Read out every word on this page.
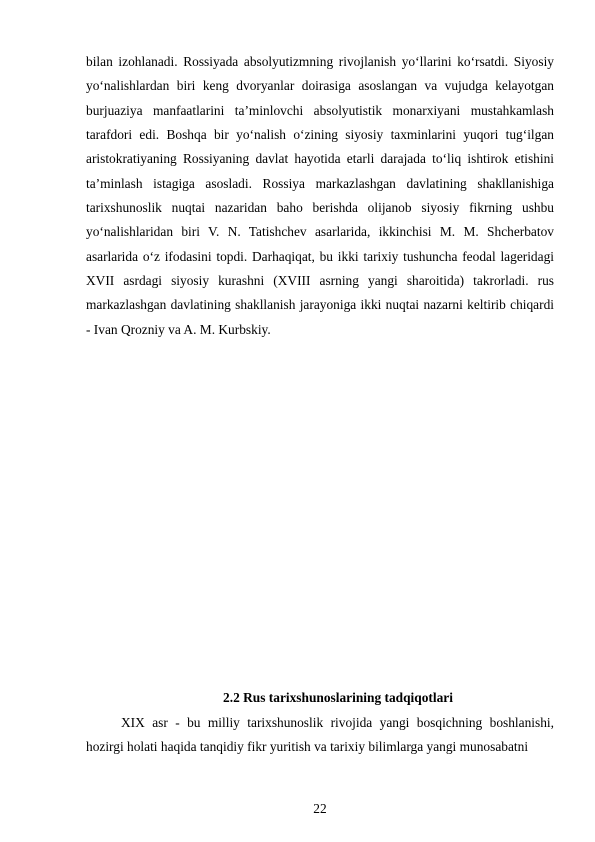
bilan izohlanadi. Rossiyada absolyutizmning rivojlanish yo‘llarini ko‘rsatdi. Siyosiy yo‘nalishlardan biri keng dvoryanlar doirasiga asoslangan va vujudga kelayotgan burjuaziya manfaatlarini ta’minlovchi absolyutistik monarxiyani mustahkamlash tarafdori edi. Boshqa bir yo‘nalish o‘zining siyosiy taxminlarini yuqori tug‘ilgan aristokratiyaning Rossiyaning davlat hayotida etarli darajada to‘liq ishtirok etishini ta’minlash istagiga asosladi. Rossiya markazlashgan davlatining shakllanishiga tarixshunoslik nuqtai nazaridan baho berishda olijanob siyosiy fikrning ushbu yo‘nalishlaridan biri V. N. Tatishchev asarlarida, ikkinchisi M. M. Shcherbatov asarlarida o‘z ifodasini topdi. Darhaqiqat, bu ikki tarixiy tushuncha feodal lageridagi XVII asrdagi siyosiy kurashni (XVIII asrning yangi sharoitida) takrorladi. rus markazlashgan davlatining shakllanish jarayoniga ikki nuqtai nazarni keltirib chiqardi - Ivan Qrozniy va A. M. Kurbskiy.

2.2 Rus tarixshunoslarining tadqiqotlari

XIX asr - bu milliy tarixshunoslik rivojida yangi bosqichning boshlanishi, hozirgi holati haqida tanqidiy fikr yuritish va tarixiy bilimlarga yangi munosabatni

22
